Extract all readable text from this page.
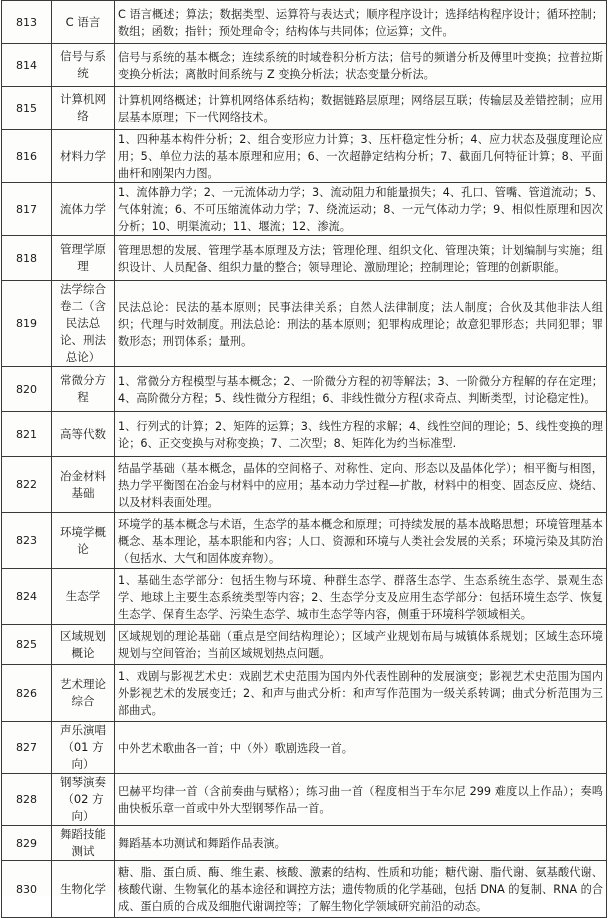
813	C 语言	C 语言概述；算法；数据类型、运算符与表达式；顺序程序设计；选择结构程序设计；循环控制；数组；函数；指针；预处理命令；结构体与共同体；位运算；文件。
814	信号与系统	信号与系统的基本概念；连续系统的时域卷积分析方法；信号的频谱分析及傅里叶变换；拉普拉斯变换分析法；离散时间系统与 Z 变换分析法；状态变量分析法。
815	计算机网络	计算机网络概述；计算机网络体系结构；数据链路层原理；网络层互联；传输层及差错控制；应用层基本原理；下一代网络技术。
816	材料力学	1、四种基本构件分析；2、组合变形应力计算；3、压杆稳定性分析；4、应力状态及强度理论应用；5、单位力法的基本原理和应用；6、一次超静定结构分析；7、截面几何特征计算；8、平面曲杆和刚架内力图。
817	流体力学	1、流体静力学；2、一元流体动力学；3、流动阻力和能量损失；4、孔口、管嘴、管道流动；5、气体射流；6、不可压缩流体动力学；7、绕流运动；8、一元气体动力学；9、相似性原理和因次分析；10、明渠流动；11、堰流；12、渗流。
818	管理学原理	管理思想的发展、管理学基本原理及方法；管理伦理、组织文化、管理决策；计划编制与实施；组织设计、人员配备、组织力量的整合；领导理论、激励理论；控制理论；管理的创新职能。
819	法学综合卷二（含民法总论、刑法总论）	民法总论：民法的基本原则；民事法律关系；自然人法律制度；法人制度；合伙及其他非法人组织；代理与时效制度。刑法总论：刑法的基本原则；犯罪构成理论；故意犯罪形态；共同犯罪；罪数形态；刑罚体系；量刑。
820	常微分方程	1、常微分方程模型与基本概念；2、一阶微分方程的初等解法；3、一阶微分方程解的存在定理；4、高阶微分方程；5、线性微分方程组；6、非线性微分方程(求奇点、判断类型，讨论稳定性)。
821	高等代数	1、行列式的计算；2、矩阵的运算；3、线性方程的求解；4、线性空间的理论；5、线性变换的理论；6、正交变换与对称变换；7、二次型；8、矩阵化为约当标准型.
822	冶金材料基础	结晶学基础（基本概念，晶体的空间格子、对称性、定向、形态以及晶体化学）；相平衡与相图，热力学平衡图在冶金与材料中的应用；基本动力学过程—扩散，材料中的相变、固态反应、烧结、以及材料表面处理。
823	环境学概论	环境学的基本概念与术语，生态学的基本概念和原理；可持续发展的基本战略思想；环境管理基本概念、基本理论，基本职能和内容；人口、资源和环境与人类社会发展的关系；环境污染及其防治（包括水、大气和固体废弃物）。
824	生态学	1、基础生态学部分：包括生物与环境、种群生态学、群落生态学、生态系统生态学、景观生态学、地球上主要生态系统类型等内容；2、生态学分支及应用生态学部分：包括环境生态学、恢复生态学、保育生态学、污染生态学、城市生态学等内容，侧重于环境科学领域相关。
825	区域规划概论	区域规划的理论基础（重点是空间结构理论）；区域产业规划布局与城镇体系规划；区域生态环境规划与空间管治；当前区域规划热点问题。
826	艺术理论综合	1、戏剧与影视艺术史：戏剧艺术史范围为国内外代表性剧种的发展演变；影视艺术史范围为国内外影视艺术的发展变迁；2、和声与曲式分析：和声写作范围为一级关系转调；曲式分析范围为三部曲式。
827	声乐演唱（01 方向）	中外艺术歌曲各一首；中（外）歌剧选段一首。
828	钢琴演奏（02 方向）	巴赫平均律一首（含前奏曲与赋格）；练习曲一首（程度相当于车尔尼 299 难度以上作品）；奏鸣曲快板乐章一首或中外大型钢琴作品一首。
829	舞蹈技能测试	舞蹈基本功测试和舞蹈作品表演。
830	生物化学	糖、脂、蛋白质、酶、维生素、核酸、激素的结构、性质和功能；糖代谢、脂代谢、氨基酸代谢、核酸代谢、生物氧化的基本途径和调控方法；遗传物质的化学基础，包括 DNA 的复制、RNA 的合成、蛋白质的合成及细胞代谢调控等；了解生物化学领域研究前沿的动态。
